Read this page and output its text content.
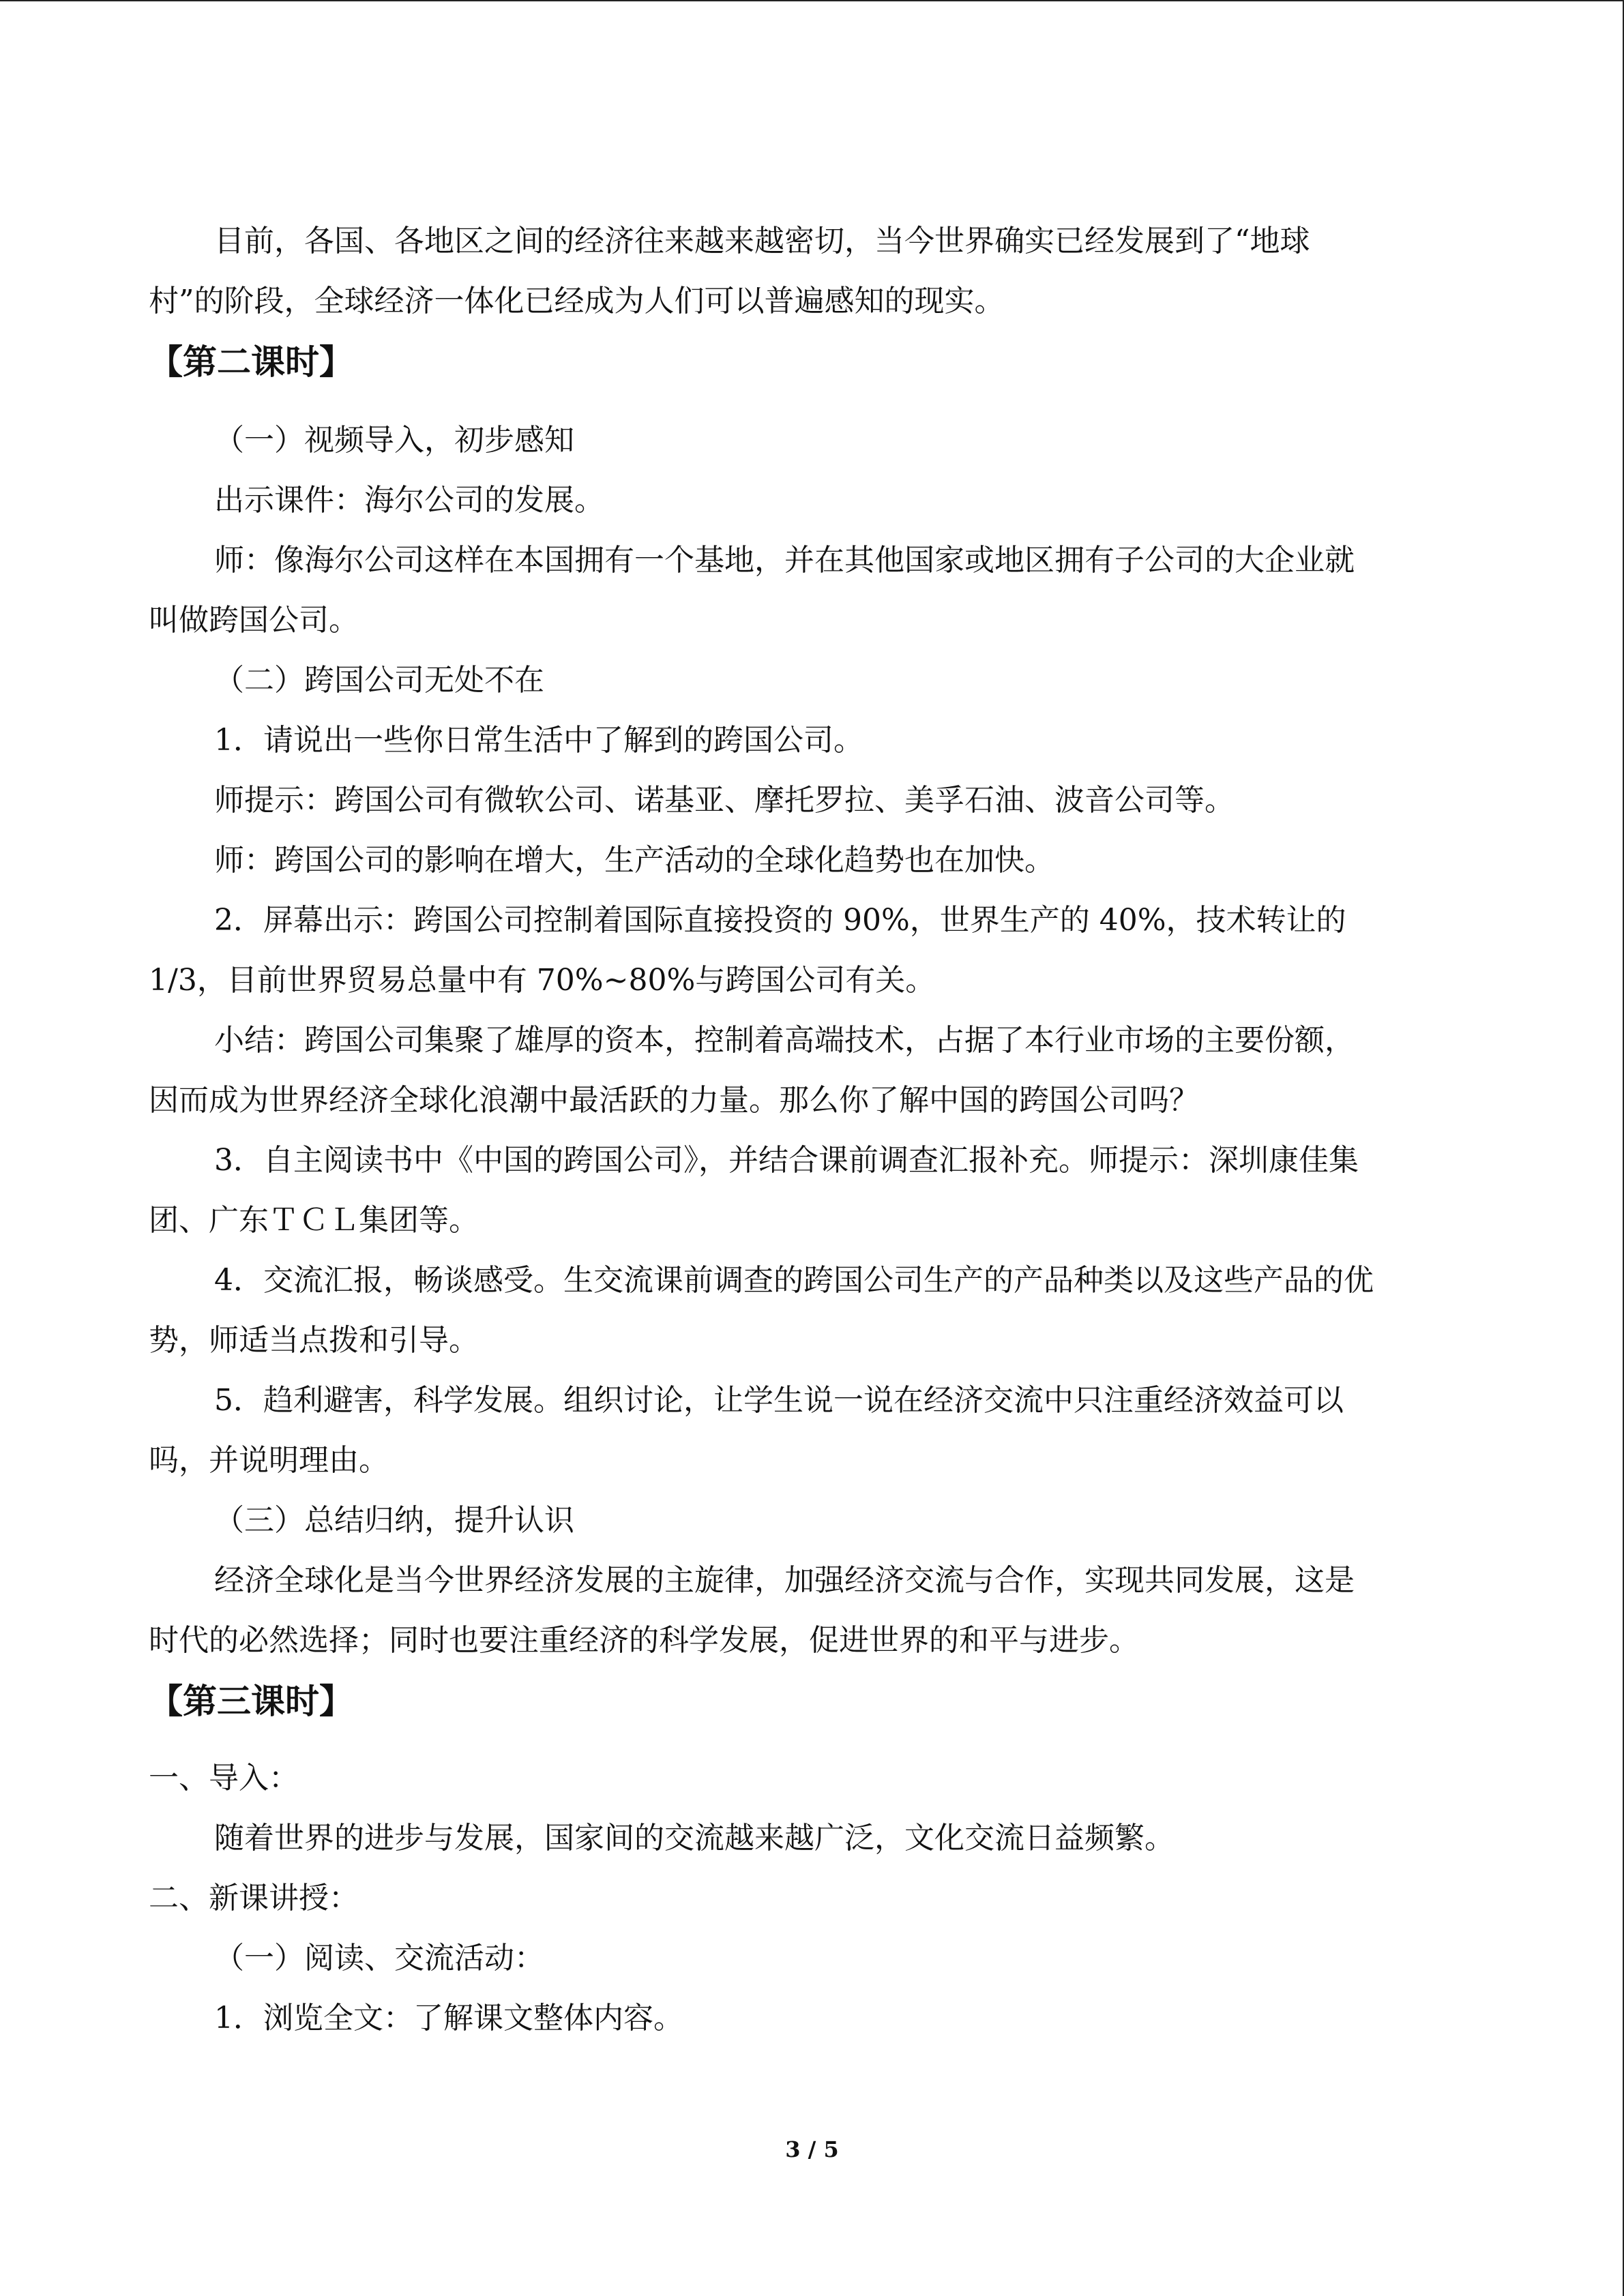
目前，各国、各地区之间的经济往来越来越密切，当今世界确实已经发展到了“地球
村”的阶段，全球经济一体化已经成为人们可以普遍感知的现实。
【第二课时】
（一）视频导入，初步感知
出示课件：海尔公司的发展。
师：像海尔公司这样在本国拥有一个基地，并在其他国家或地区拥有子公司的大企业就
叫做跨国公司。
（二）跨国公司无处不在
1．请说出一些你日常生活中了解到的跨国公司。
师提示：跨国公司有微软公司、诺基亚、摩托罗拉、美孚石油、波音公司等。
师：跨国公司的影响在增大，生产活动的全球化趋势也在加快。
2．屏幕出示：跨国公司控制着国际直接投资的 90%，世界生产的 40%，技术转让的
1/3，目前世界贸易总量中有 70%~80%与跨国公司有关。
小结：跨国公司集聚了雄厚的资本，控制着高端技术，占据了本行业市场的主要份额，
因而成为世界经济全球化浪潮中最活跃的力量。那么你了解中国的跨国公司吗？
3．自主阅读书中《中国的跨国公司》，并结合课前调查汇报补充。师提示：深圳康佳集
团、广东ＴＣＬ集团等。
4．交流汇报，畅谈感受。生交流课前调查的跨国公司生产的产品种类以及这些产品的优
势，师适当点拨和引导。
5．趋利避害，科学发展。组织讨论，让学生说一说在经济交流中只注重经济效益可以
吗，并说明理由。
（三）总结归纳，提升认识
经济全球化是当今世界经济发展的主旋律，加强经济交流与合作，实现共同发展，这是
时代的必然选择；同时也要注重经济的科学发展，促进世界的和平与进步。
【第三课时】
一、导入：
随着世界的进步与发展，国家间的交流越来越广泛，文化交流日益频繁。
二、新课讲授：
（一）阅读、交流活动：
1．浏览全文：了解课文整体内容。
3 / 5
